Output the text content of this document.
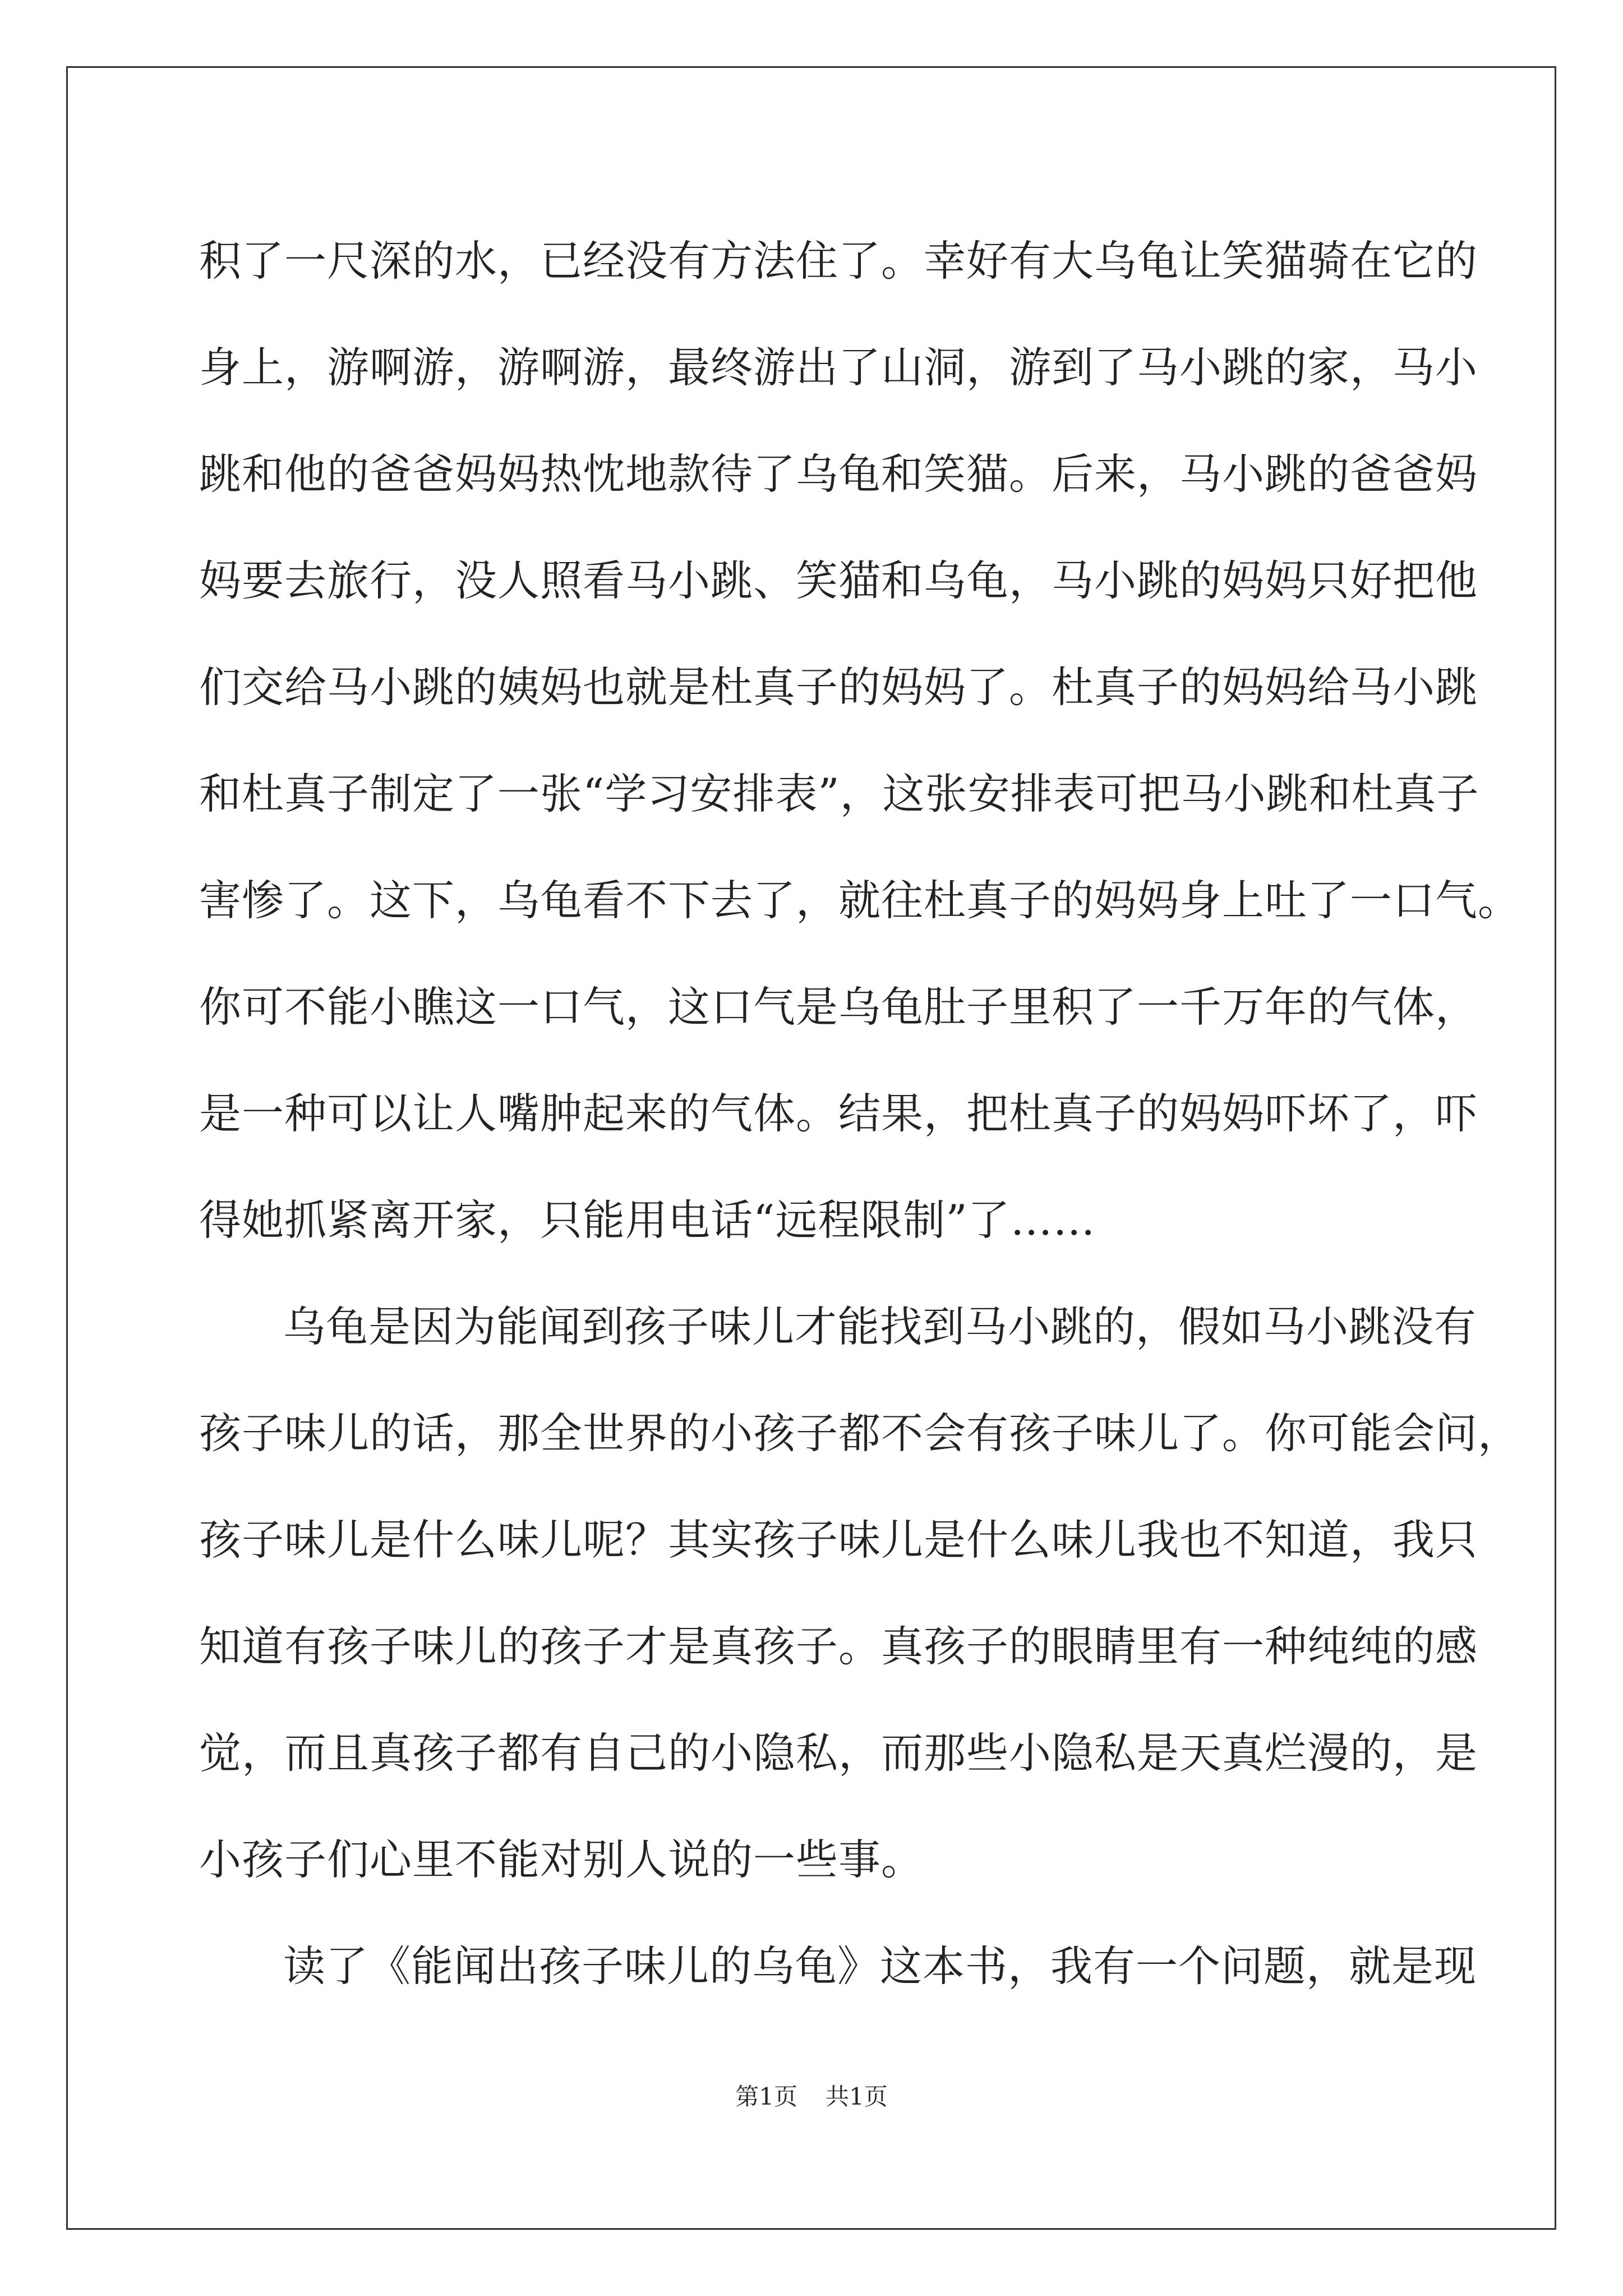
积了一尺深的水，已经没有方法住了。幸好有大乌龟让笑猫骑在它的
身上，游啊游，游啊游，最终游出了山洞，游到了马小跳的家，马小
跳和他的爸爸妈妈热忱地款待了乌龟和笑猫。后来，马小跳的爸爸妈
妈要去旅行，没人照看马小跳、笑猫和乌龟，马小跳的妈妈只好把他
们交给马小跳的姨妈也就是杜真子的妈妈了。杜真子的妈妈给马小跳
和杜真子制定了一张“学习安排表”，这张安排表可把马小跳和杜真子
害惨了。这下，乌龟看不下去了，就往杜真子的妈妈身上吐了一口气。
你可不能小瞧这一口气，这口气是乌龟肚子里积了一千万年的气体，
是一种可以让人嘴肿起来的气体。结果，把杜真子的妈妈吓坏了，吓
得她抓紧离开家，只能用电话“远程限制”了……
乌龟是因为能闻到孩子味儿才能找到马小跳的，假如马小跳没有
孩子味儿的话，那全世界的小孩子都不会有孩子味儿了。你可能会问，
孩子味儿是什么味儿呢？其实孩子味儿是什么味儿我也不知道，我只
知道有孩子味儿的孩子才是真孩子。真孩子的眼睛里有一种纯纯的感
觉，而且真孩子都有自己的小隐私，而那些小隐私是天真烂漫的，是
小孩子们心里不能对别人说的一些事。
读了《能闻出孩子味儿的乌龟》这本书，我有一个问题，就是现
第1页 共1页
